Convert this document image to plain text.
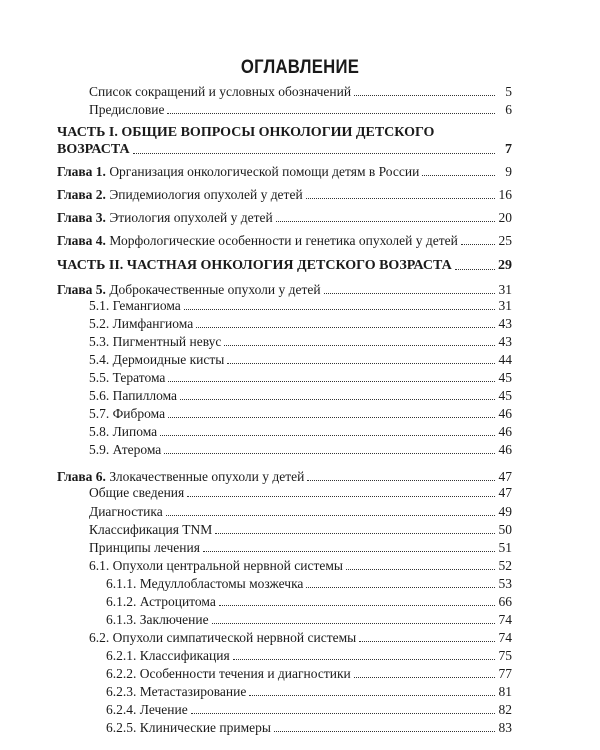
ОГЛАВЛЕНИЕ
Список сокращений и условных обозначений	5
Предисловие	6
ЧАСТЬ I. ОБЩИЕ ВОПРОСЫ ОНКОЛОГИИ ДЕТСКОГО
ВОЗРАСТА	7
Глава 1. Организация онкологической помощи детям в России	9
Глава 2. Эпидемиология опухолей у детей	16
Глава 3. Этиология опухолей у детей	20
Глава 4. Морфологические особенности и генетика опухолей у детей	25
ЧАСТЬ II. ЧАСТНАЯ ОНКОЛОГИЯ ДЕТСКОГО ВОЗРАСТА	29
Глава 5. Доброкачественные опухоли у детей	31
5.1. Гемангиома	31
5.2. Лимфангиома	43
5.3. Пигментный невус	43
5.4. Дермоидные кисты	44
5.5. Тератома	45
5.6. Папиллома	45
5.7. Фиброма	46
5.8. Липома	46
5.9. Атерома	46
Глава 6. Злокачественные опухоли у детей	47
Общие сведения	47
Диагностика	49
Классификация TNM	50
Принципы лечения	51
6.1. Опухоли центральной нервной системы	52
6.1.1. Медуллобластомы мозжечка	53
6.1.2. Астроцитома	66
6.1.3. Заключение	74
6.2. Опухоли симпатической нервной системы	74
6.2.1. Классификация	75
6.2.2. Особенности течения и диагностики	77
6.2.3. Метастазирование	81
6.2.4. Лечение	82
6.2.5. Клинические примеры	83
